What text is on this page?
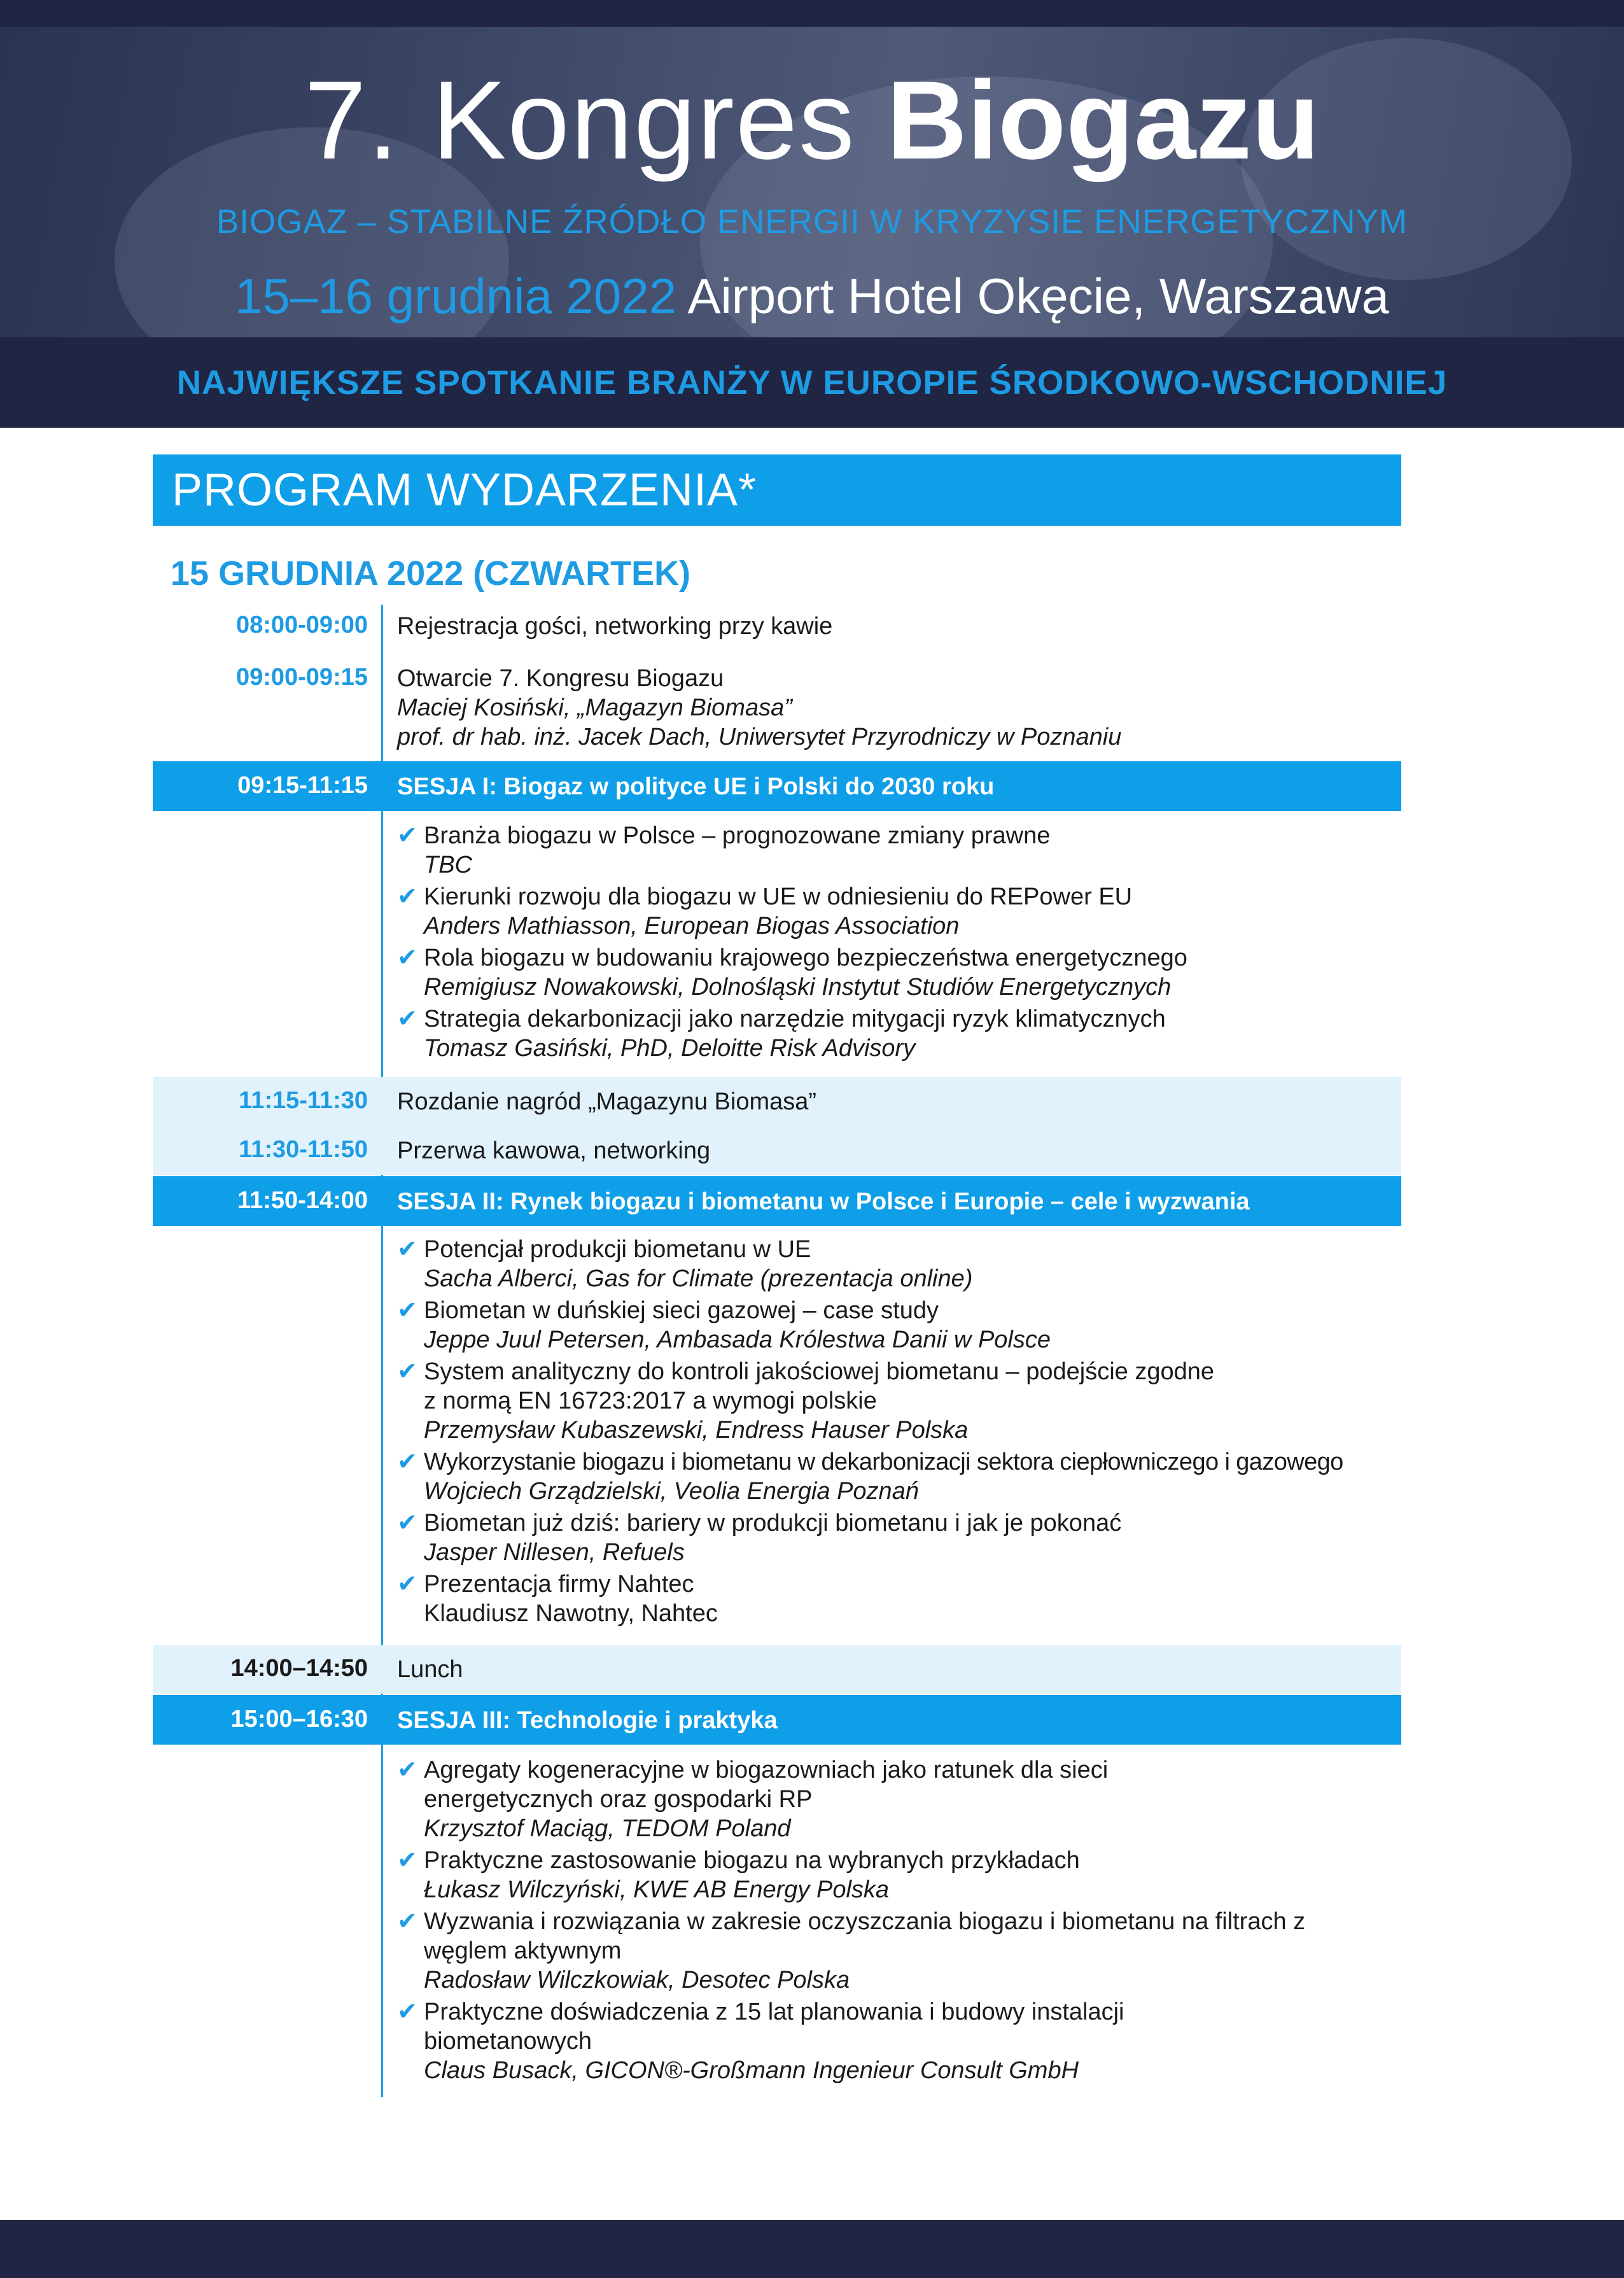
7. Kongres Biogazu
BIOGAZ – STABILNE ŹRÓDŁO ENERGII W KRYZYSIE ENERGETYCZNYM
15–16 grudnia 2022 Airport Hotel Okęcie, Warszawa
NAJWIĘKSZE SPOTKANIE BRANŻY W EUROPIE ŚRODKOWO-WSCHODNIEJ
PROGRAM WYDARZENIA*
15 GRUDNIA 2022 (CZWARTEK)
08:00-09:00 Rejestracja gości, networking przy kawie
09:00-09:15 Otwarcie 7. Kongresu Biogazu
Maciej Kosiński, „Magazyn Biomasa”
prof. dr hab. inż. Jacek Dach, Uniwersytet Przyrodniczy w Poznaniu
09:15-11:15 SESJA I: Biogaz w polityce UE i Polski do 2030 roku
✔ Branża biogazu w Polsce – prognozowane zmiany prawne
TBC
✔ Kierunki rozwoju dla biogazu w UE w odniesieniu do REPower EU
Anders Mathiasson, European Biogas Association
✔ Rola biogazu w budowaniu krajowego bezpieczeństwa energetycznego
Remigiusz Nowakowski, Dolnośląski Instytut Studiów Energetycznych
✔ Strategia dekarbonizacji jako narzędzie mitygacji ryzyk klimatycznych
Tomasz Gasiński, PhD, Deloitte Risk Advisory
11:15-11:30 Rozdanie nagród „Magazynu Biomasa”
11:30-11:50 Przerwa kawowa, networking
11:50-14:00 SESJA II: Rynek biogazu i biometanu w Polsce i Europie – cele i wyzwania
✔ Potencjał produkcji biometanu w UE
Sacha Alberci, Gas for Climate (prezentacja online)
✔ Biometan w duńskiej sieci gazowej – case study
Jeppe Juul Petersen, Ambasada Królestwa Danii w Polsce
✔ System analityczny do kontroli jakościowej biometanu – podejście zgodne
z normą EN 16723:2017 a wymogi polskie
Przemysław Kubaszewski, Endress Hauser Polska
✔ Wykorzystanie biogazu i biometanu w dekarbonizacji sektora ciepłowniczego i gazowego
Wojciech Grządzielski, Veolia Energia Poznań
✔ Biometan już dziś: bariery w produkcji biometanu i jak je pokonać
Jasper Nillesen, Refuels
✔ Prezentacja firmy Nahtec
Klaudiusz Nawotny, Nahtec
14:00–14:50 Lunch
15:00–16:30 SESJA III: Technologie i praktyka
✔ Agregaty kogeneracyjne w biogazowniach jako ratunek dla sieci
energetycznych oraz gospodarki RP
Krzysztof Maciąg, TEDOM Poland
✔ Praktyczne zastosowanie biogazu na wybranych przykładach
Łukasz Wilczyński, KWE AB Energy Polska
✔ Wyzwania i rozwiązania w zakresie oczyszczania biogazu i biometanu na filtrach z
węglem aktywnym
Radosław Wilczkowiak, Desotec Polska
✔ Praktyczne doświadczenia z 15 lat planowania i budowy instalacji
biometanowych
Claus Busack, GICON®-Großmann Ingenieur Consult GmbH
